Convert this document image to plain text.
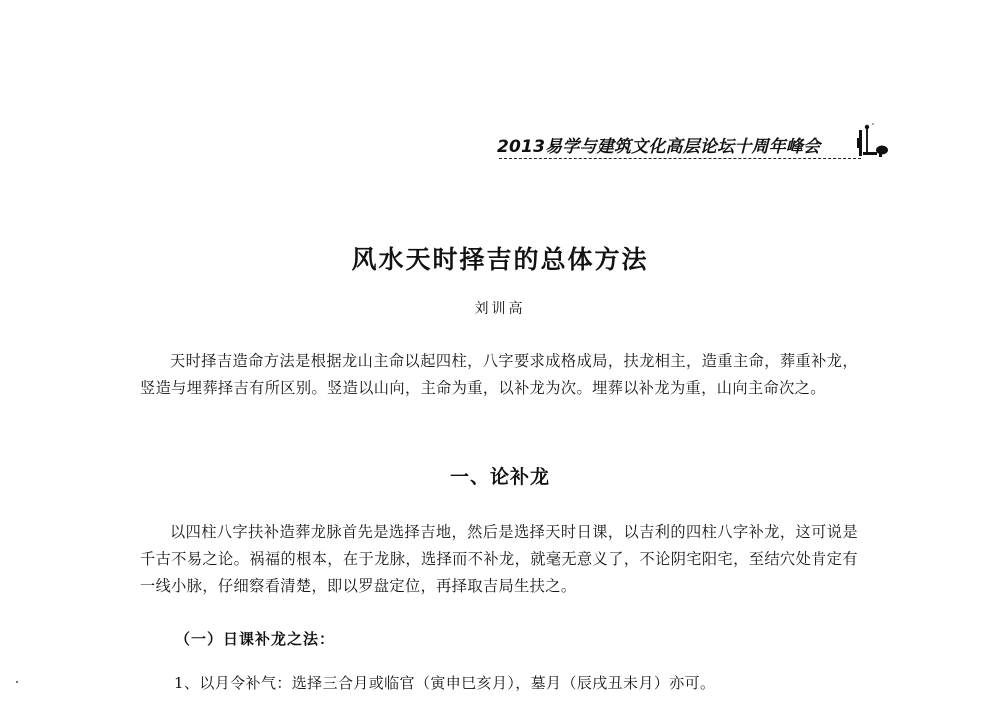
2013易学与建筑文化高层论坛十周年峰会
风水天时择吉的总体方法
刘训高

天时择吉造命方法是根据龙山主命以起四柱，八字要求成格成局，扶龙相主，造重主命，葬重补龙，竖造与埋葬择吉有所区别。竖造以山向，主命为重，以补龙为次。埋葬以补龙为重，山向主命次之。

一、论补龙

以四柱八字扶补造葬龙脉首先是选择吉地，然后是选择天时日课，以吉利的四柱八字补龙，这可说是千古不易之论。祸福的根本，在于龙脉，选择而不补龙，就毫无意义了，不论阴宅阳宅，至结穴处肯定有一线小脉，仔细察看清楚，即以罗盘定位，再择取吉局生扶之。

（一）日课补龙之法：
1、以月令补气：选择三合月或临官（寅申巳亥月），墓月（辰戌丑未月）亦可。
